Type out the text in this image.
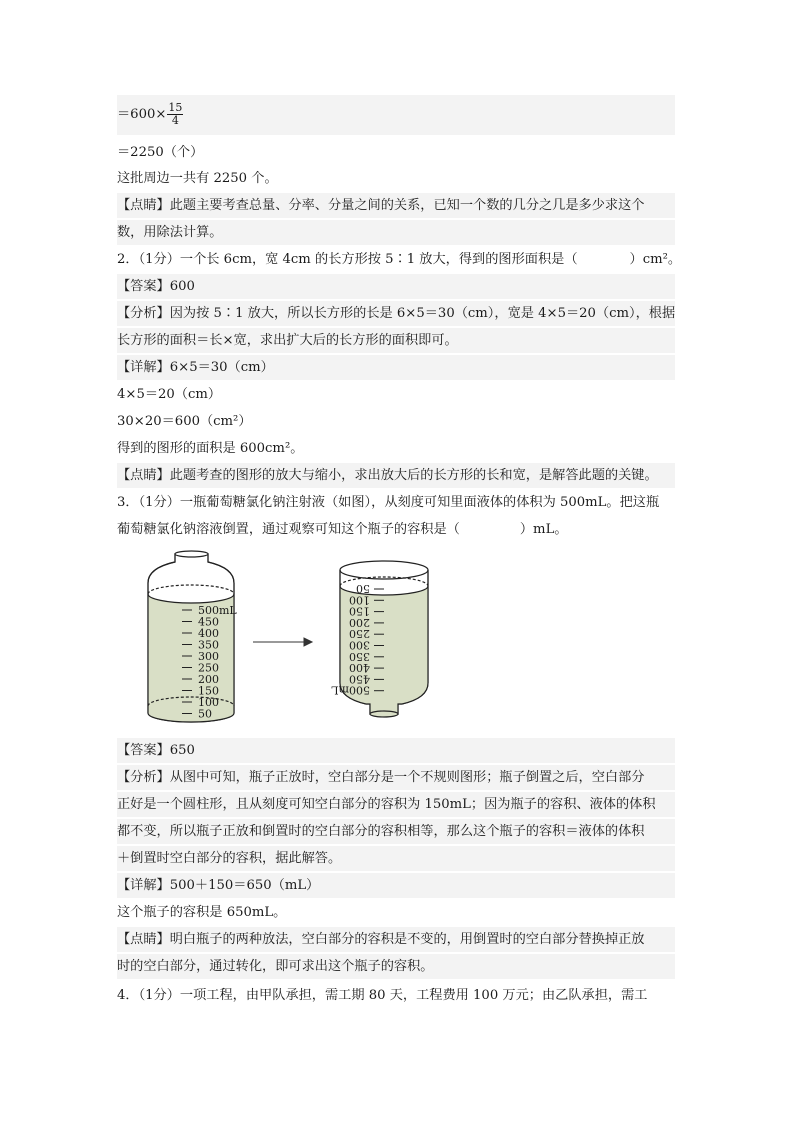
$=600\times \frac{15}{4}$
＝2250（个）
这批周边一共有 2250 个。
【点睛】此题主要考查总量、分率、分量之间的关系，已知一个数的几分之几是多少求这个
数，用除法计算。
2．（1分）一个长 6cm，宽 4cm 的长方形按 5∶1 放大，得到的图形面积是（	）cm²。
【答案】600
【分析】因为按 5∶1 放大，所以长方形的长是 6×5＝30（cm），宽是 4×5＝20（cm），根据
长方形的面积＝长×宽，求出扩大后的长方形的面积即可。
【详解】6×5＝30（cm）
4×5＝20（cm）
30×20＝600（cm²）
得到的图形的面积是 600cm²。
【点睛】此题考查的图形的放大与缩小，求出放大后的长方形的长和宽，是解答此题的关键。
3．（1分）一瓶葡萄糖氯化钠注射液（如图），从刻度可知里面液体的体积为 500mL。把这瓶
葡萄糖氯化钠溶液倒置，通过观察可知这个瓶子的容积是（	）mL。
500mL
450
400
350
300
250
200
150
100
50
50
100
150
200
250
300
350
400
450
500mL
【答案】650
【分析】从图中可知，瓶子正放时，空白部分是一个不规则图形；瓶子倒置之后，空白部分
正好是一个圆柱形，且从刻度可知空白部分的容积为 150mL；因为瓶子的容积、液体的体积
都不变，所以瓶子正放和倒置时的空白部分的容积相等，那么这个瓶子的容积＝液体的体积
＋倒置时空白部分的容积，据此解答。
【详解】500＋150＝650（mL）
这个瓶子的容积是 650mL。
【点睛】明白瓶子的两种放法，空白部分的容积是不变的，用倒置时的空白部分替换掉正放
时的空白部分，通过转化，即可求出这个瓶子的容积。
4．（1分）一项工程，由甲队承担，需工期 80 天，工程费用 100 万元；由乙队承担，需工
